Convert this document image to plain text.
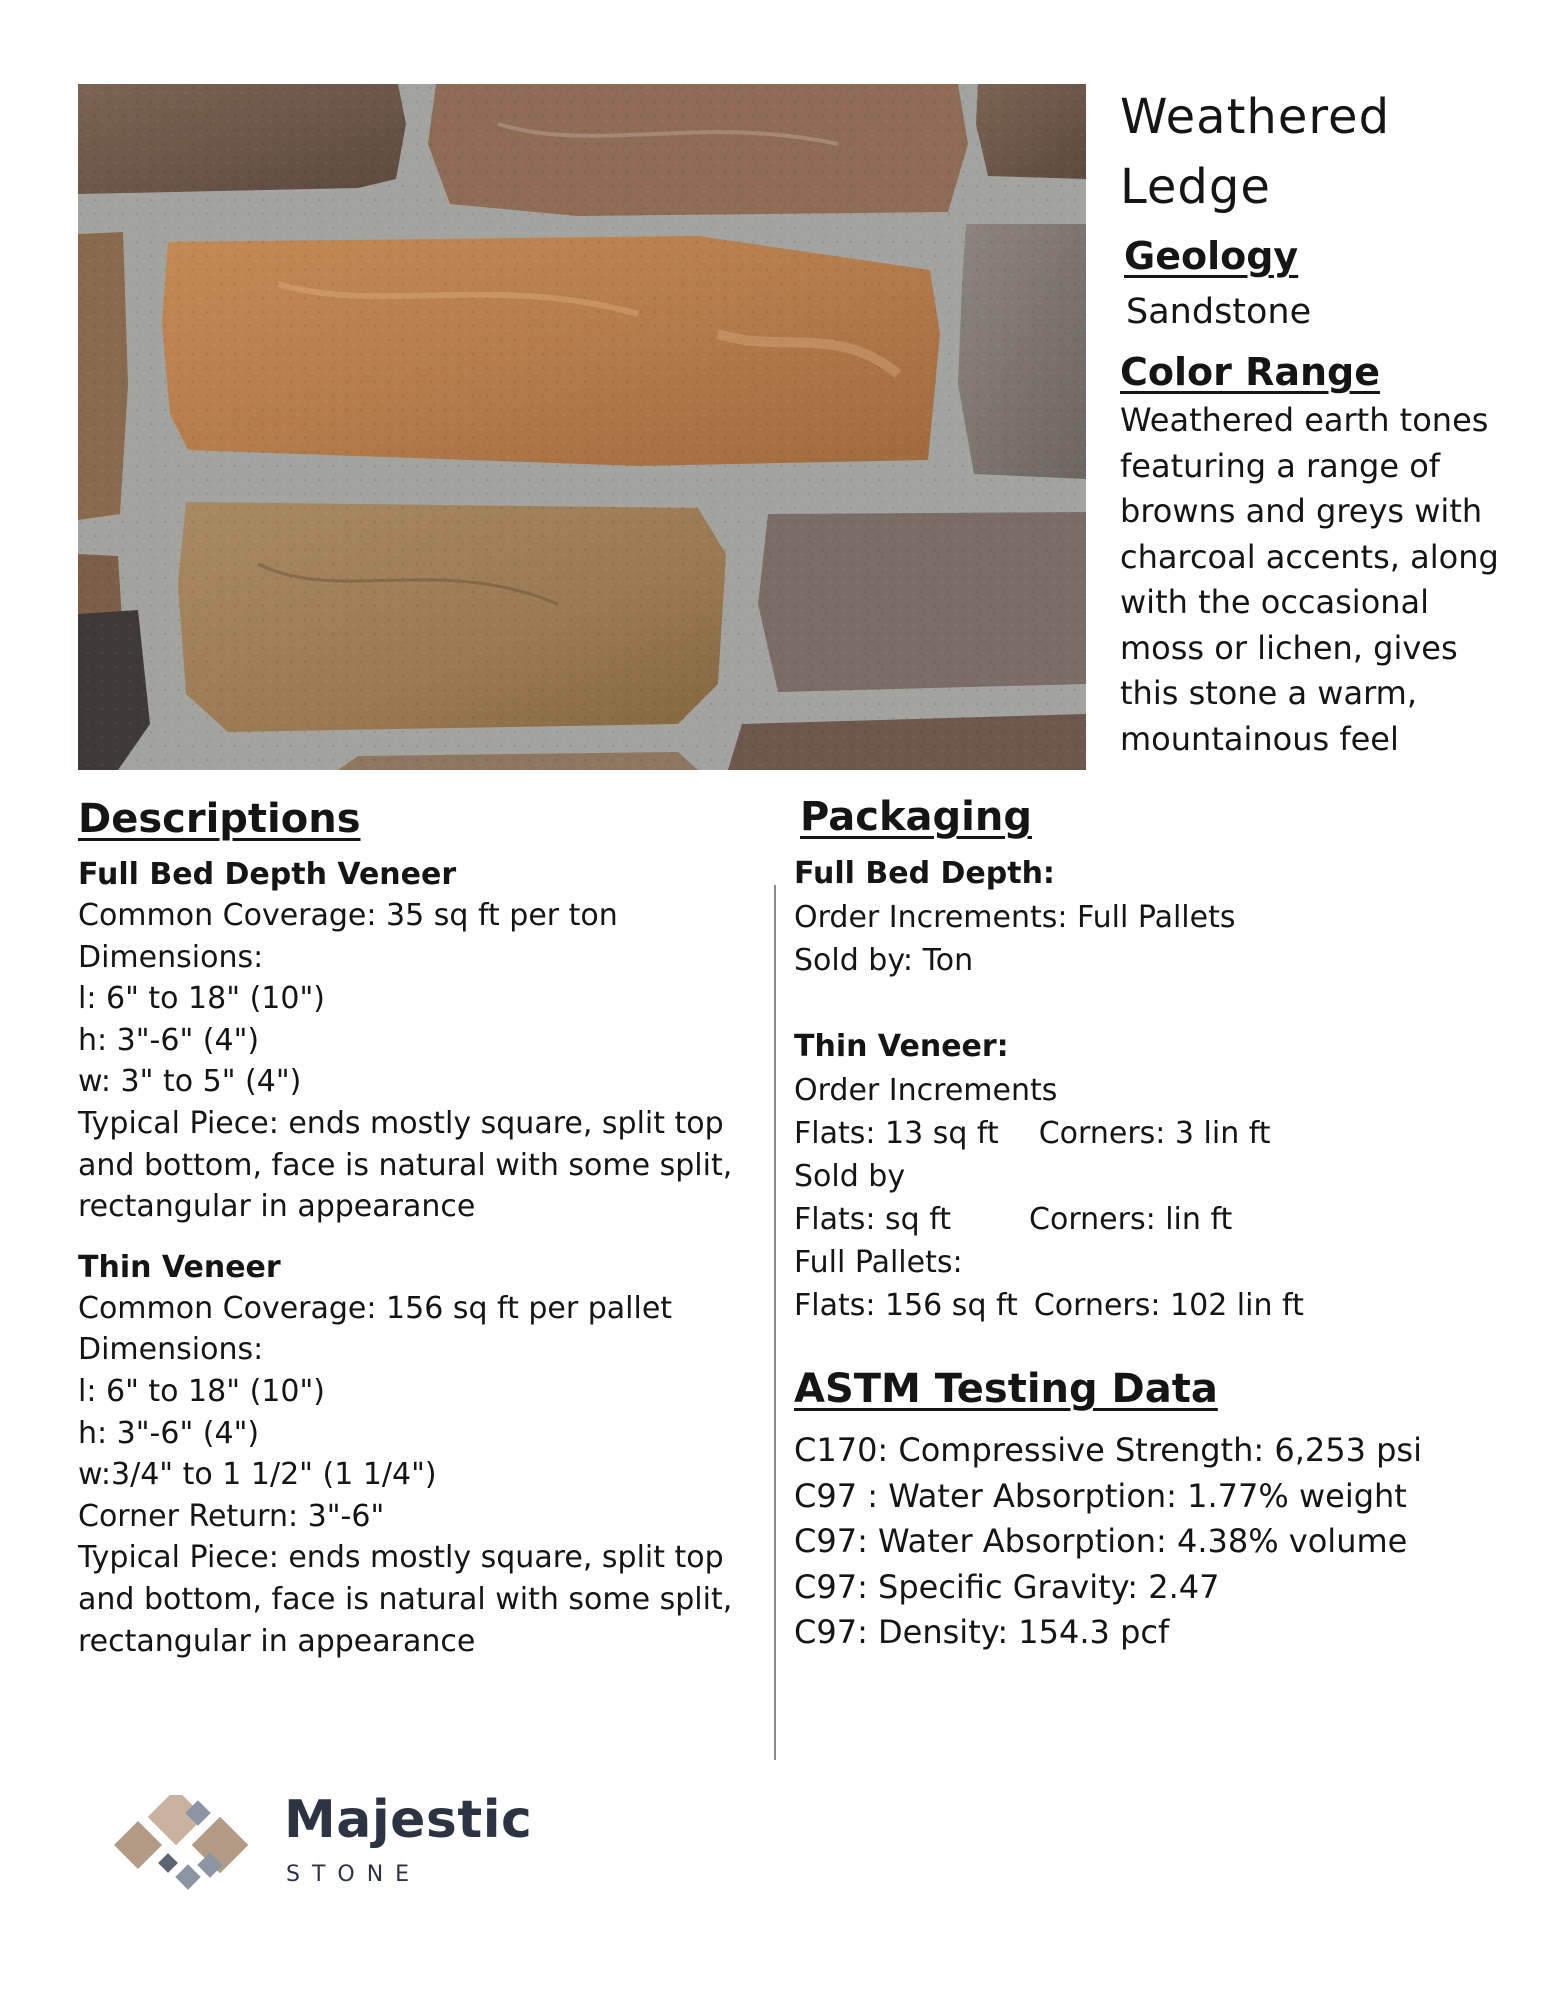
Weathered
Ledge
Geology
Sandstone
Color Range
Weathered earth tones
featuring a range of
browns and greys with
charcoal accents, along
with the occasional
moss or lichen, gives
this stone a warm,
mountainous feel
Descriptions
Full Bed Depth Veneer
Common Coverage: 35 sq ft per ton
Dimensions:
l: 6" to 18" (10")
h: 3"-6" (4")
w: 3" to 5" (4")
Typical Piece: ends mostly square, split top
and bottom, face is natural with some split,
rectangular in appearance
Thin Veneer
Common Coverage: 156 sq ft per pallet
Dimensions:
l: 6" to 18" (10")
h: 3"-6" (4")
w:3/4" to 1 1/2" (1 1/4")
Corner Return: 3"-6"
Typical Piece: ends mostly square, split top
and bottom, face is natural with some split,
rectangular in appearance
Packaging
Full Bed Depth:
Order Increments: Full Pallets
Sold by: Ton
Thin Veneer:
Order Increments
Flats: 13 sq ft Corners: 3 lin ft
Sold by
Flats: sq ft	Corners: lin ft
Full Pallets:
Flats: 156 sq ft Corners: 102 lin ft
ASTM Testing Data
C170: Compressive Strength: 6,253 psi
C97 : Water Absorption: 1.77% weight
C97: Water Absorption: 4.38% volume
C97: Specific Gravity: 2.47
C97: Density: 154.3 pcf
Majestic
STONE
